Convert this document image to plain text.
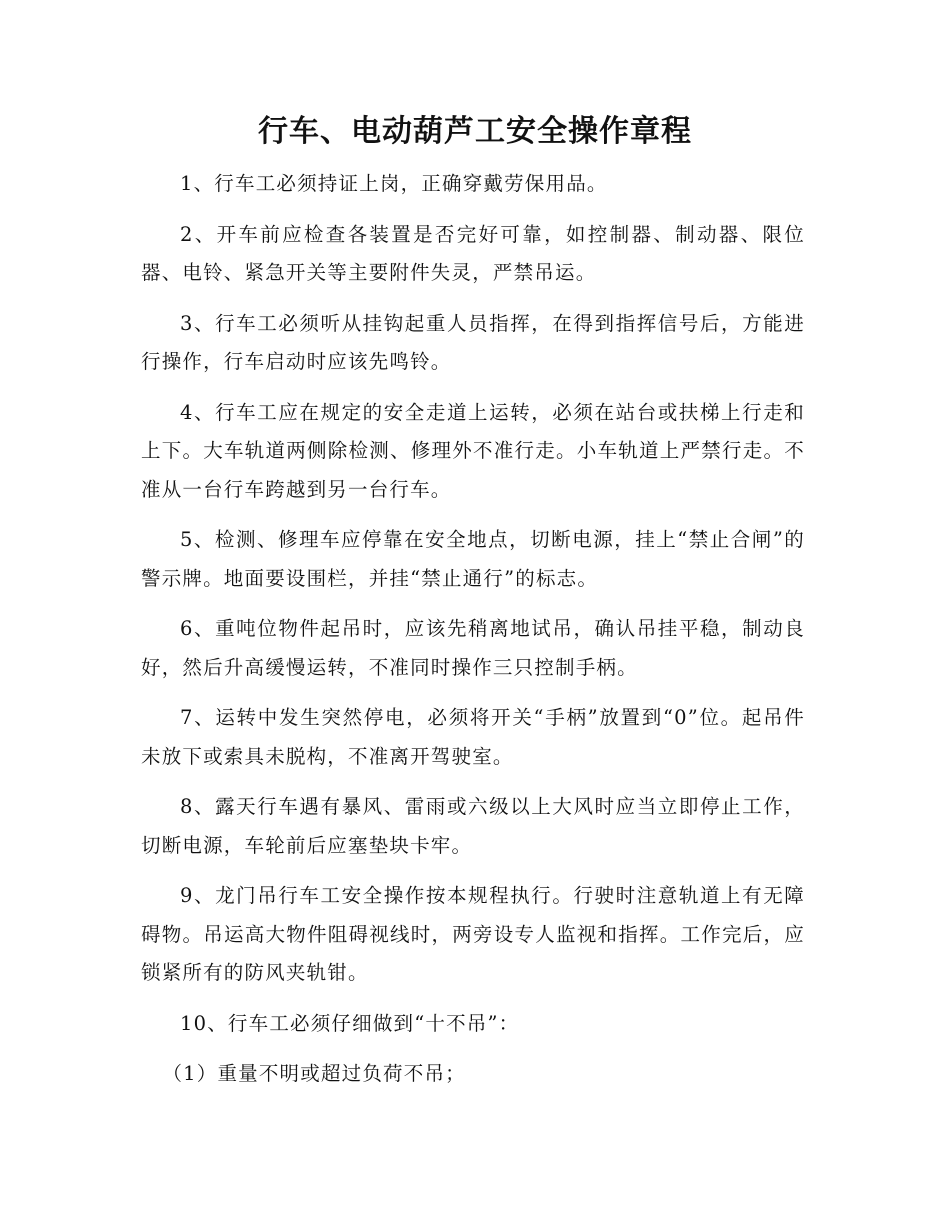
行车、电动葫芦工安全操作章程

1、行车工必须持证上岗，正确穿戴劳保用品。

2、开车前应检查各装置是否完好可靠，如控制器、制动器、限位器、电铃、紧急开关等主要附件失灵，严禁吊运。

3、行车工必须听从挂钩起重人员指挥，在得到指挥信号后，方能进行操作，行车启动时应该先鸣铃。

4、行车工应在规定的安全走道上运转，必须在站台或扶梯上行走和上下。大车轨道两侧除检测、修理外不准行走。小车轨道上严禁行走。不准从一台行车跨越到另一台行车。

5、检测、修理车应停靠在安全地点，切断电源，挂上“禁止合闸”的警示牌。地面要设围栏，并挂“禁止通行”的标志。

6、重吨位物件起吊时，应该先稍离地试吊，确认吊挂平稳，制动良好，然后升高缓慢运转，不准同时操作三只控制手柄。

7、运转中发生突然停电，必须将开关“手柄”放置到“0”位。起吊件未放下或索具未脱构，不准离开驾驶室。

8、露天行车遇有暴风、雷雨或六级以上大风时应当立即停止工作，切断电源，车轮前后应塞垫块卡牢。

9、龙门吊行车工安全操作按本规程执行。行驶时注意轨道上有无障碍物。吊运高大物件阻碍视线时，两旁设专人监视和指挥。工作完后，应锁紧所有的防风夹轨钳。

10、行车工必须仔细做到“十不吊”：

（1）重量不明或超过负荷不吊；
